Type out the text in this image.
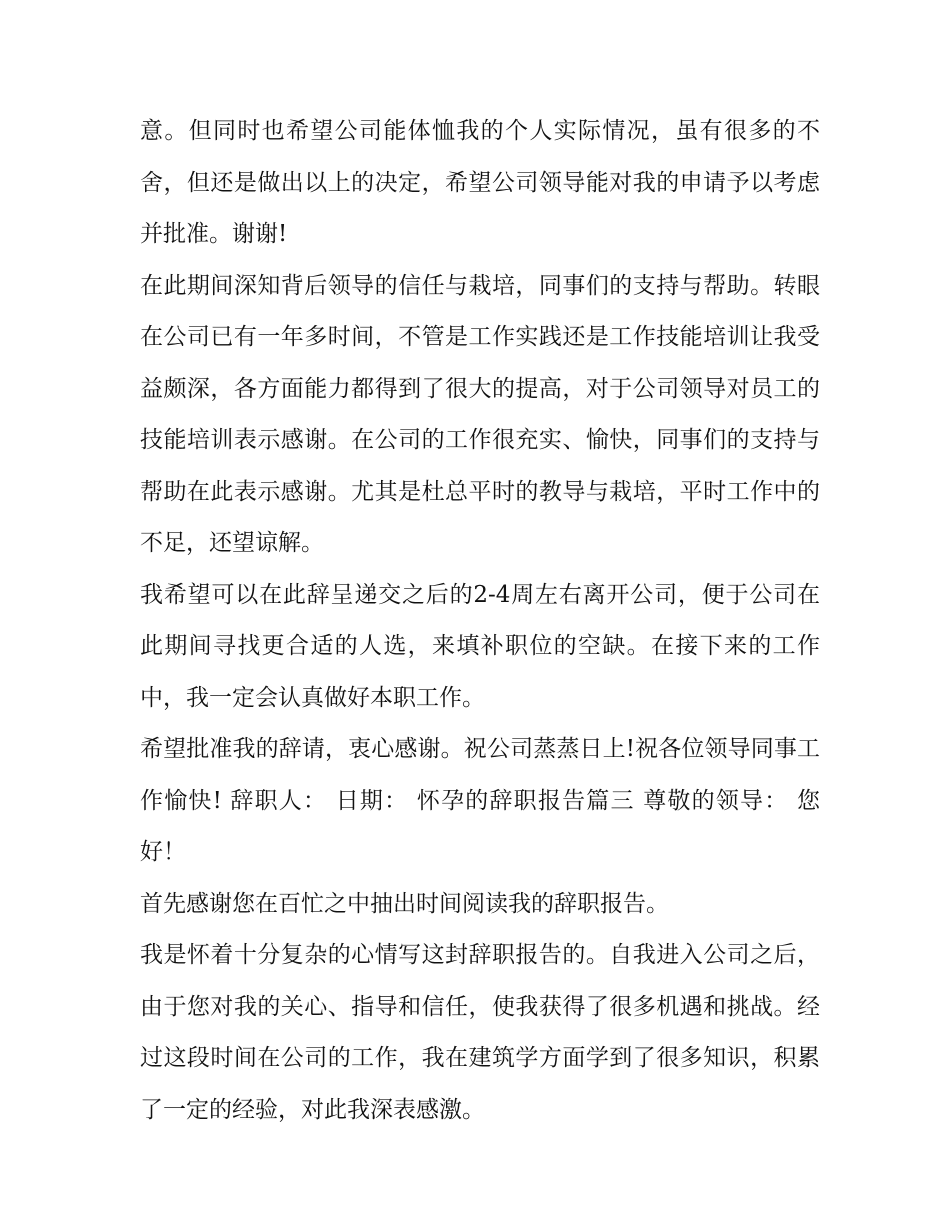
意。但同时也希望公司能体恤我的个人实际情况，虽有很多的不舍，但还是做出以上的决定，希望公司领导能对我的申请予以考虑并批准。谢谢!

在此期间深知背后领导的信任与栽培，同事们的支持与帮助。转眼在公司已有一年多时间，不管是工作实践还是工作技能培训让我受益颇深，各方面能力都得到了很大的提高，对于公司领导对员工的技能培训表示感谢。在公司的工作很充实、愉快，同事们的支持与帮助在此表示感谢。尤其是杜总平时的教导与栽培，平时工作中的不足，还望谅解。

我希望可以在此辞呈递交之后的2-4周左右离开公司，便于公司在此期间寻找更合适的人选，来填补职位的空缺。在接下来的工作中，我一定会认真做好本职工作。

希望批准我的辞请，衷心感谢。祝公司蒸蒸日上!祝各位领导同事工作愉快! 辞职人： 日期： 怀孕的辞职报告篇三 尊敬的领导： 您好！

首先感谢您在百忙之中抽出时间阅读我的辞职报告。

我是怀着十分复杂的心情写这封辞职报告的。自我进入公司之后，由于您对我的关心、指导和信任，使我获得了很多机遇和挑战。经过这段时间在公司的工作，我在建筑学方面学到了很多知识，积累了一定的经验，对此我深表感激。
